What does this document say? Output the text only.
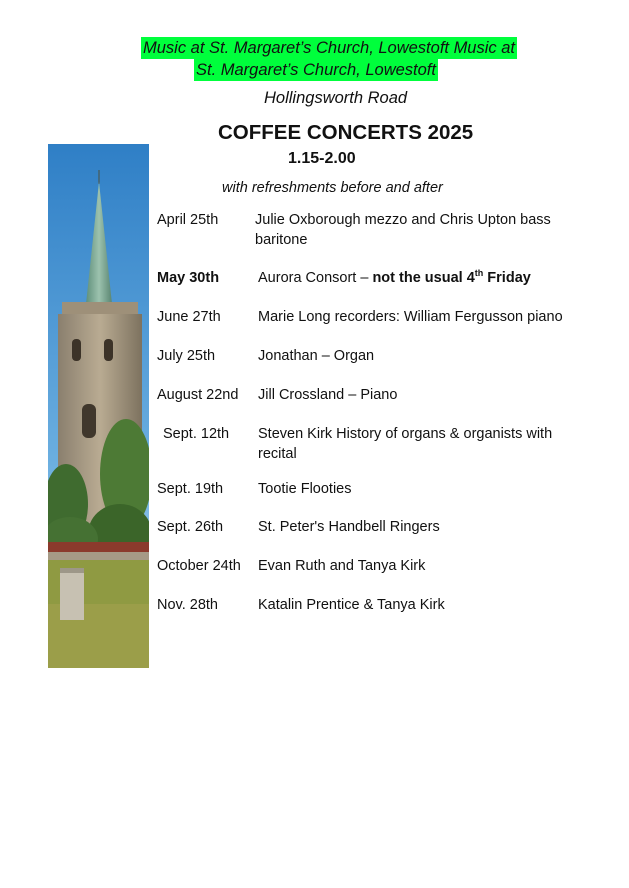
Music at St. Margaret’s Church, Lowestoft Music at
St. Margaret’s Church, Lowestoft
Hollingsworth Road
COFFEE CONCERTS 2025
1.15-2.00
with refreshments before and after
April 25th	Julie Oxborough mezzo and Chris Upton bass baritone
May 30th	Aurora Consort – not the usual 4th Friday
June 27th	Marie Long recorders: William Fergusson piano
July 25th	Jonathan – Organ
August 22nd Jill Crossland – Piano
Sept. 12th Steven Kirk History of organs & organists with recital
Sept. 19th Tootie Flooties
Sept. 26th St. Peter's Handbell Ringers
October 24th Evan Ruth and Tanya Kirk
Nov. 28th	Katalin Prentice & Tanya Kirk
